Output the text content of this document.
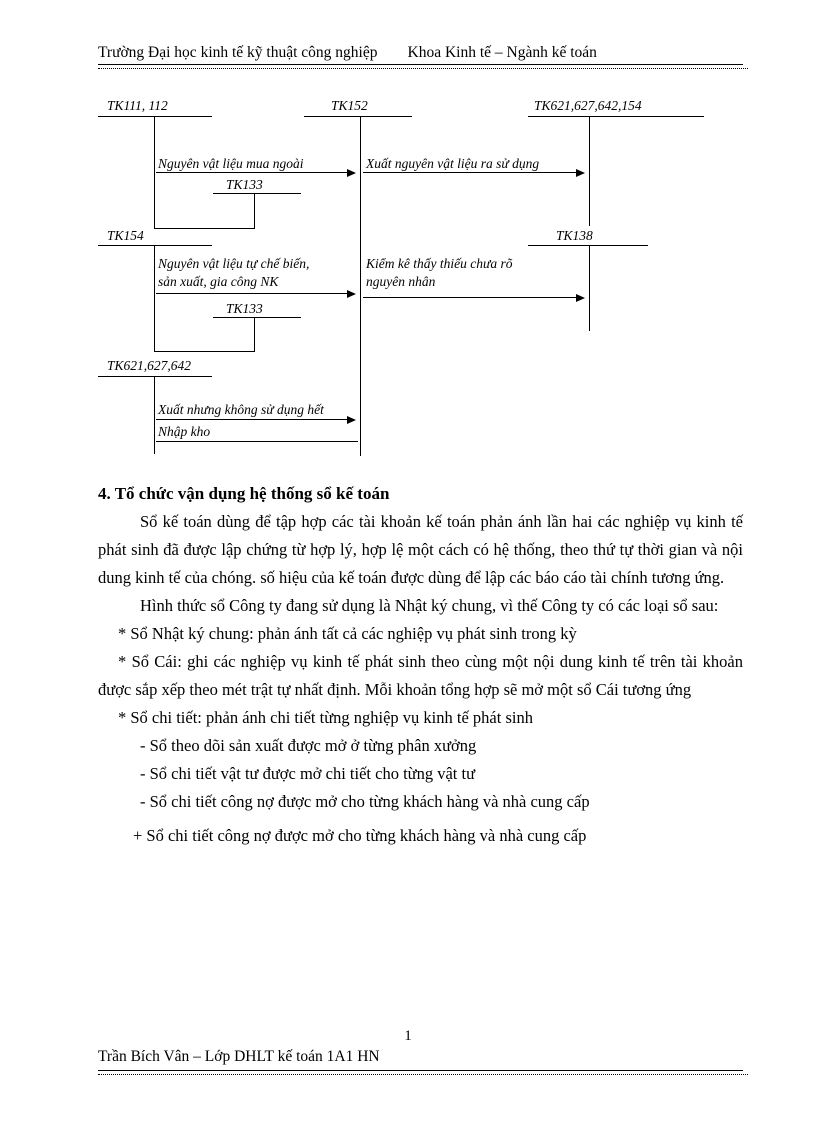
Trường Đại học kinh tế kỹ thuật công nghiệp Khoa Kinh tế – Ngành kế toán
TK111, 112	TK152	TK621,627,642,154
TK133
TK154	TK138
TK133
TK621,627,642
Nguyên vật liệu mua ngoài	Xuất nguyên vật liệu ra sử dụng
Nguyên vật liệu tự chế biến,
sản xuất, gia công NK
Kiểm kê thấy thiếu chưa rõ
nguyên nhân
Xuất nhưng không sử dụng hết
Nhập kho
4. Tổ chức vận dụng hệ thống sổ kế toán

Sổ kế toán dùng để tập hợp các tài khoản kế toán phản ánh lần hai các nghiệp vụ kinh tế phát sinh đã được lập chứng từ hợp lý, hợp lệ một cách có hệ thống, theo thứ tự thời gian và nội dung kinh tế của chóng. số hiệu của kế toán được dùng để lập các báo cáo tài chính tương ứng.

Hình thức sổ Công ty đang sử dụng là Nhật ký chung, vì thế Công ty có các loại sổ sau:

* Sổ Nhật ký chung: phản ánh tất cả các nghiệp vụ phát sinh trong kỳ

* Sổ Cái: ghi các nghiệp vụ kinh tế phát sinh theo cùng một nội dung kinh tế trên tài khoản được sắp xếp theo mét trật tự nhất định. Mỗi khoản tổng hợp sẽ mở một sổ Cái tương ứng

* Sổ chi tiết: phản ánh chi tiết từng nghiệp vụ kinh tế phát sinh

- Sổ theo dõi sản xuất được mở ở từng phân xưởng

- Sổ chi tiết vật tư được mở chi tiết cho từng vật tư

- Sổ chi tiết công nợ được mở cho từng khách hàng và nhà cung cấp

+ Sổ chi tiết công nợ được mở cho từng khách hàng và nhà cung cấp

1
Trần Bích Vân – Lớp DHLT kế toán 1A1 HN
